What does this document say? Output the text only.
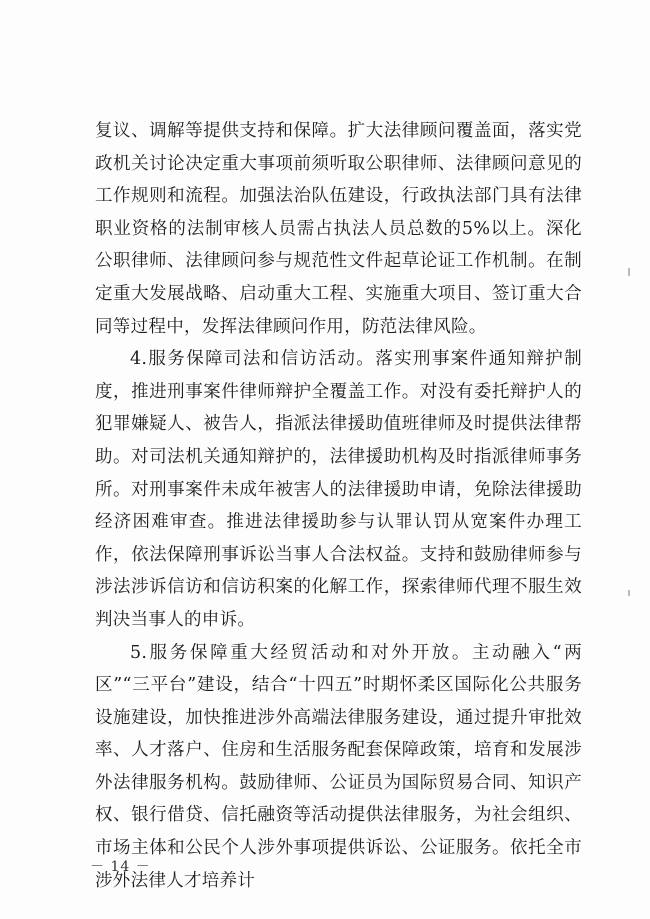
复议、调解等提供支持和保障。扩大法律顾问覆盖面，落实党政机关讨论决定重大事项前须听取公职律师、法律顾问意见的工作规则和流程。加强法治队伍建设，行政执法部门具有法律职业资格的法制审核人员需占执法人员总数的5%以上。深化公职律师、法律顾问参与规范性文件起草论证工作机制。在制定重大发展战略、启动重大工程、实施重大项目、签订重大合同等过程中，发挥法律顾问作用，防范法律风险。

4.服务保障司法和信访活动。落实刑事案件通知辩护制度，推进刑事案件律师辩护全覆盖工作。对没有委托辩护人的犯罪嫌疑人、被告人，指派法律援助值班律师及时提供法律帮助。对司法机关通知辩护的，法律援助机构及时指派律师事务所。对刑事案件未成年被害人的法律援助申请，免除法律援助经济困难审查。推进法律援助参与认罪认罚从宽案件办理工作，依法保障刑事诉讼当事人合法权益。支持和鼓励律师参与涉法涉诉信访和信访积案的化解工作，探索律师代理不服生效判决当事人的申诉。

5.服务保障重大经贸活动和对外开放。主动融入“两区”“三平台”建设，结合“十四五”时期怀柔区国际化公共服务设施建设，加快推进涉外高端法律服务建设，通过提升审批效率、人才落户、住房和生活服务配套保障政策，培育和发展涉外法律服务机构。鼓励律师、公证员为国际贸易合同、知识产权、银行借贷、信托融资等活动提供法律服务，为社会组织、市场主体和公民个人涉外事项提供诉讼、公证服务。依托全市涉外法律人才培养计

－ 14 －
